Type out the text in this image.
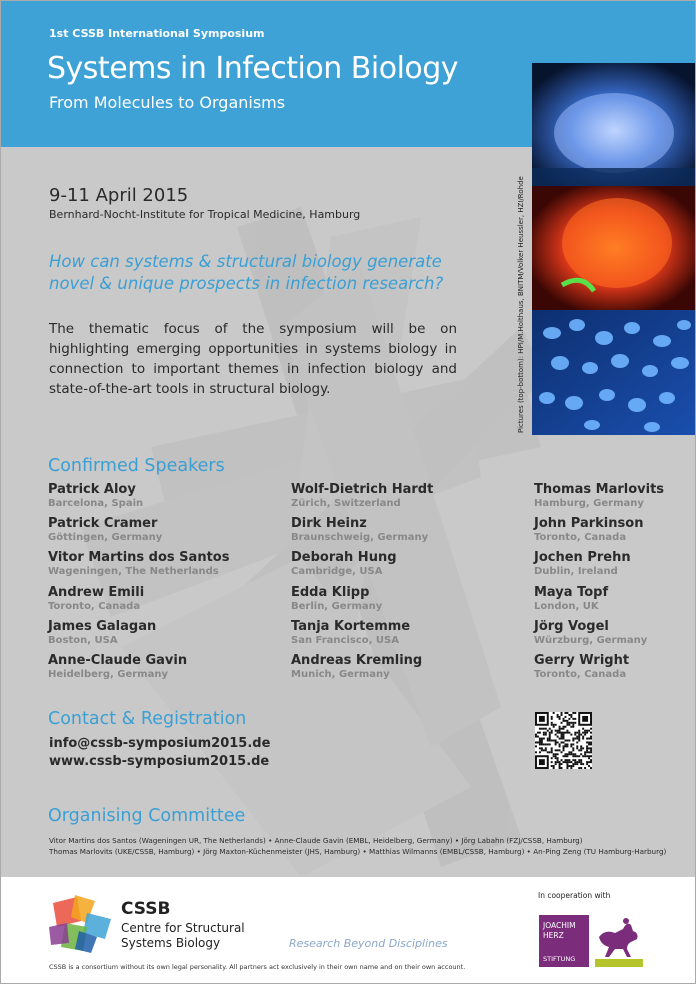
1st CSSB International Symposium
Systems in Infection Biology
From Molecules to Organisms
Pictures (top-bottom): HPI/M.Holthaus, BNITM/Volker Heussler, HZI/Rohde
9-11 April 2015
Bernhard-Nocht-Institute for Tropical Medicine, Hamburg
How can systems & structural biology generate novel & unique prospects in infection research?
The thematic focus of the symposium will be on highlighting emerging opportunities in systems biology in connection to important themes in infection biology and state-of-the-art tools in structural biology.
Confirmed Speakers
Patrick Aloy
Barcelona, Spain
Patrick Cramer
Göttingen, Germany
Vitor Martins dos Santos
Wageningen, The Netherlands
Andrew Emili
Toronto, Canada
James Galagan
Boston, USA
Anne-Claude Gavin
Heidelberg, Germany
Wolf-Dietrich Hardt
Zürich, Switzerland
Dirk Heinz
Braunschweig, Germany
Deborah Hung
Cambridge, USA
Edda Klipp
Berlin, Germany
Tanja Kortemme
San Francisco, USA
Andreas Kremling
Munich, Germany
Thomas Marlovits
Hamburg, Germany
John Parkinson
Toronto, Canada
Jochen Prehn
Dublin, Ireland
Maya Topf
London, UK
Jörg Vogel
Würzburg, Germany
Gerry Wright
Toronto, Canada
Contact & Registration
info@cssb-symposium2015.de
www.cssb-symposium2015.de
Organising Committee
Vitor Martins dos Santos (Wageningen UR, The Netherlands) • Anne-Claude Gavin (EMBL, Heidelberg, Germany) • Jörg Labahn (FZJ/CSSB, Hamburg)
Thomas Marlovits (UKE/CSSB, Hamburg) • Jörg Maxton-Küchenmeister (JHS, Hamburg) • Matthias Wilmanns (EMBL/CSSB, Hamburg) • An-Ping Zeng (TU Hamburg-Harburg)
CSSB
Centre for Structural
Systems Biology	Research Beyond Disciplines
In cooperation with
JOACHIM
HERZ
STIFTUNG
CSSB is a consortium without its own legal personality. All partners act exclusively in their own name and on their own account.
